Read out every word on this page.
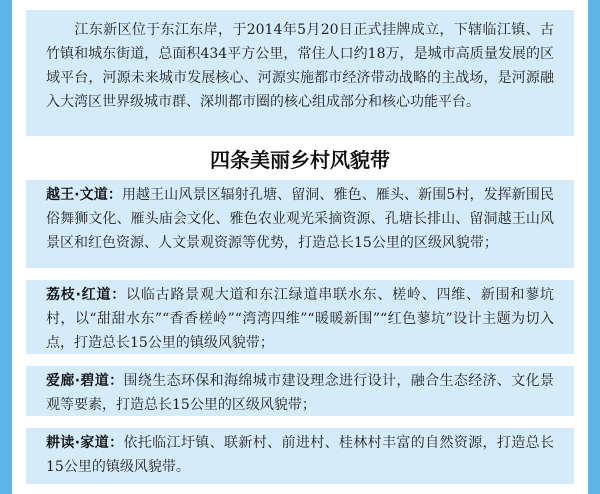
江东新区位于东江东岸，于2014年5月20日正式挂牌成立，下辖临江镇、古竹镇和城东街道，总面积434平方公里，常住人口约18万，是城市高质量发展的区域平台，河源未来城市发展核心、河源实施都市经济带动战略的主战场，是河源融入大湾区世界级城市群、深圳都市圈的核心组成部分和核心功能平台。
四条美丽乡村风貌带
越王·文道：用越王山风景区辐射孔塘、留洞、雅色、雁头、新围5村，发挥新围民俗舞狮文化、雁头庙会文化、雅色农业观光采摘资源、孔塘长排山、留洞越王山风景区和红色资源、人文景观资源等优势，打造总长15公里的区级风貌带；
荔枝·红道：以临古路景观大道和东江绿道串联水东、槎岭、四维、新围和蓼坑村，以“甜甜水东”“香香槎岭”“湾湾四维”“暖暖新围”“红色蓼坑”设计主题为切入点，打造总长15公里的镇级风貌带；
爱廊·碧道：围绕生态环保和海绵城市建设理念进行设计，融合生态经济、文化景观等要素，打造总长15公里的区级风貌带；
耕读·家道：依托临江圩镇、联新村、前进村、桂林村丰富的自然资源，打造总长15公里的镇级风貌带。
